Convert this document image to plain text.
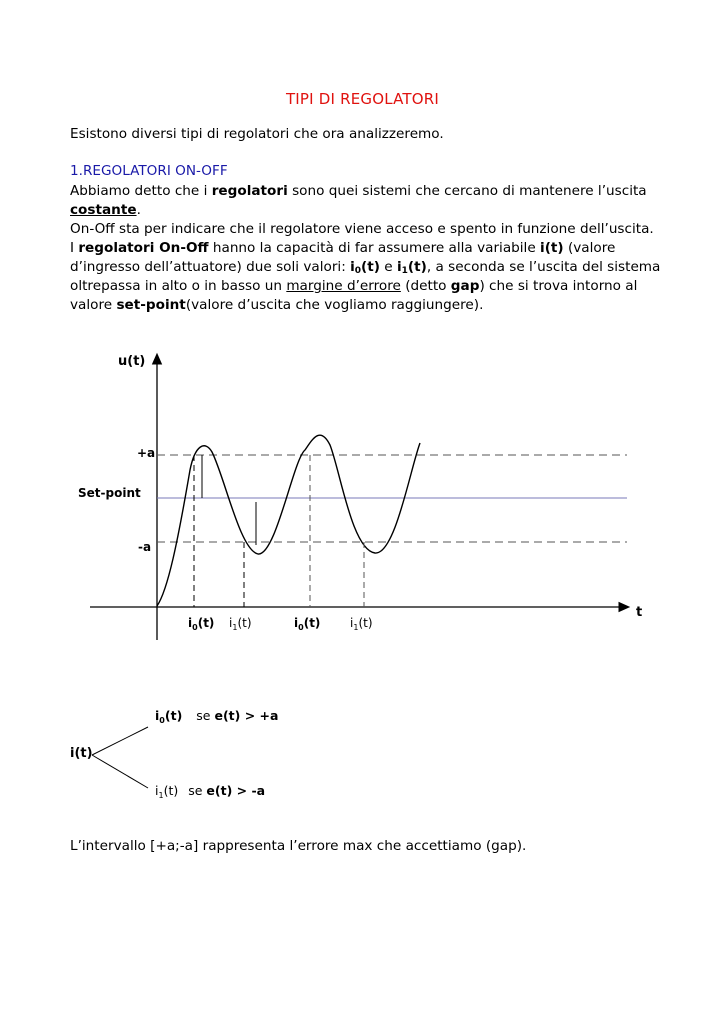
TIPI DI REGOLATORI
Esistono diversi tipi di regolatori che ora analizzeremo.
1.REGOLATORI ON-OFF
Abbiamo detto che i regolatori sono quei sistemi che cercano di mantenere l’uscita costante.
On-Off sta per indicare che il regolatore viene acceso e spento in funzione dell’uscita.
I regolatori On-Off hanno la capacità di far assumere alla variabile i(t) (valore d’ingresso dell’attuatore) due soli valori: $i_0(t)$ e $i_1(t)$, a seconda se l’uscita del sistema oltrepassa in alto o in basso un margine d’errore (detto gap) che si trova intorno al valore set-point(valore d’uscita che vogliamo raggiungere).
u(t)
t
+a
Set-point
-a
$i_0(t)$ $i_1(t)$	$i_0(t)$ $i_1(t)$
i(t)
$i_0(t)$ se e(t) > +a
$i_1(t)$ se e(t) > -a
L’intervallo [+a;-a] rappresenta l’errore max che accettiamo (gap).
